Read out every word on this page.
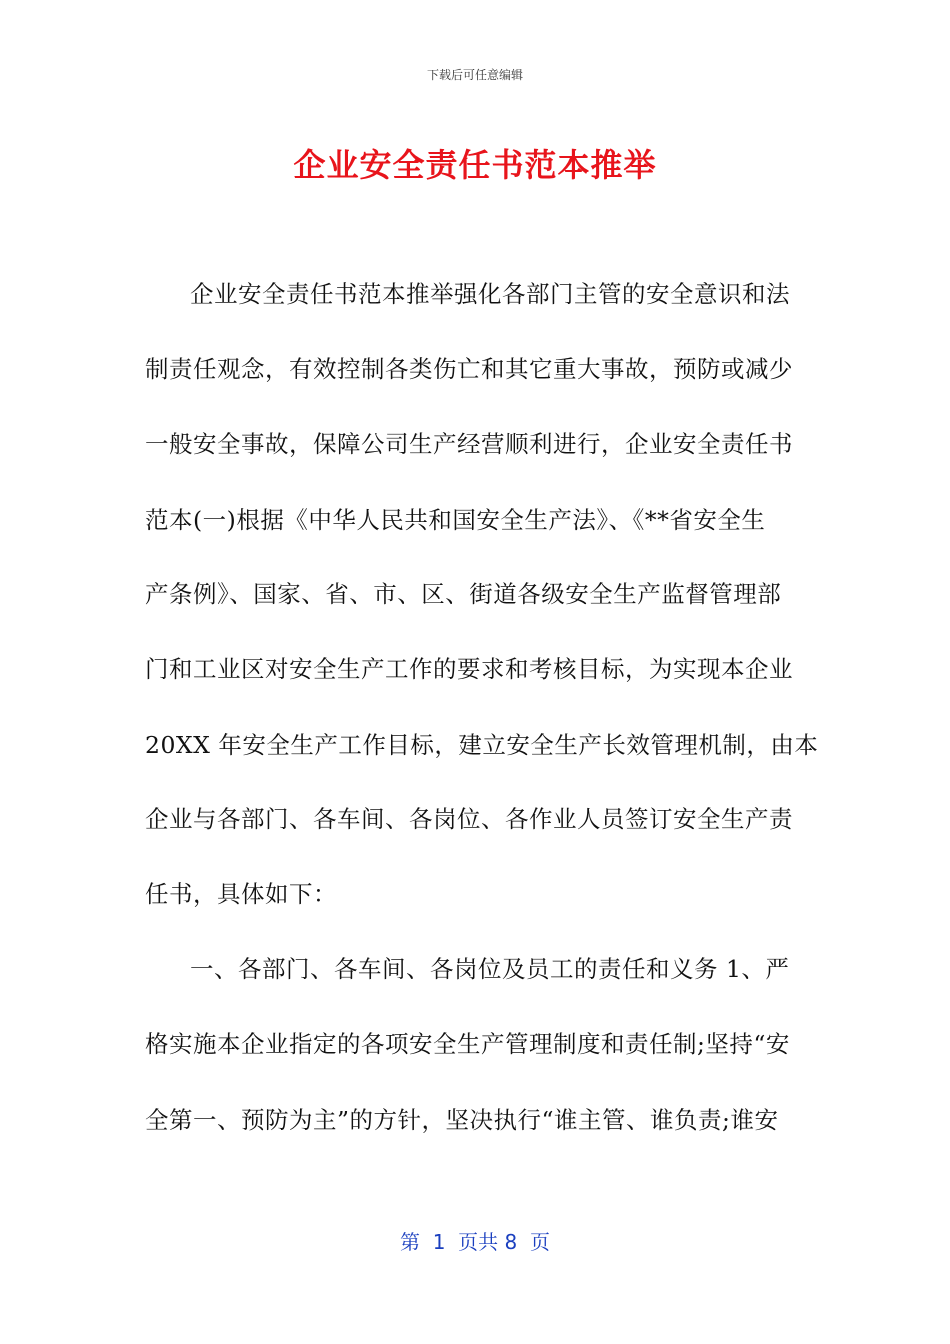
下载后可任意编辑
企业安全责任书范本推举
企业安全责任书范本推举强化各部门主管的安全意识和法
制责任观念，有效控制各类伤亡和其它重大事故，预防或减少
一般安全事故，保障公司生产经营顺利进行，企业安全责任书
范本(一)根据《中华人民共和国安全生产法》、《**省安全生
产条例》、国家、省、市、区、街道各级安全生产监督管理部
门和工业区对安全生产工作的要求和考核目标，为实现本企业
20XX 年安全生产工作目标，建立安全生产长效管理机制，由本
企业与各部门、各车间、各岗位、各作业人员签订安全生产责
任书，具体如下：
一、各部门、各车间、各岗位及员工的责任和义务 1、严
格实施本企业指定的各项安全生产管理制度和责任制;坚持“安
全第一、预防为主”的方针，坚决执行“谁主管、谁负责;谁安
第  1  页共 8  页
